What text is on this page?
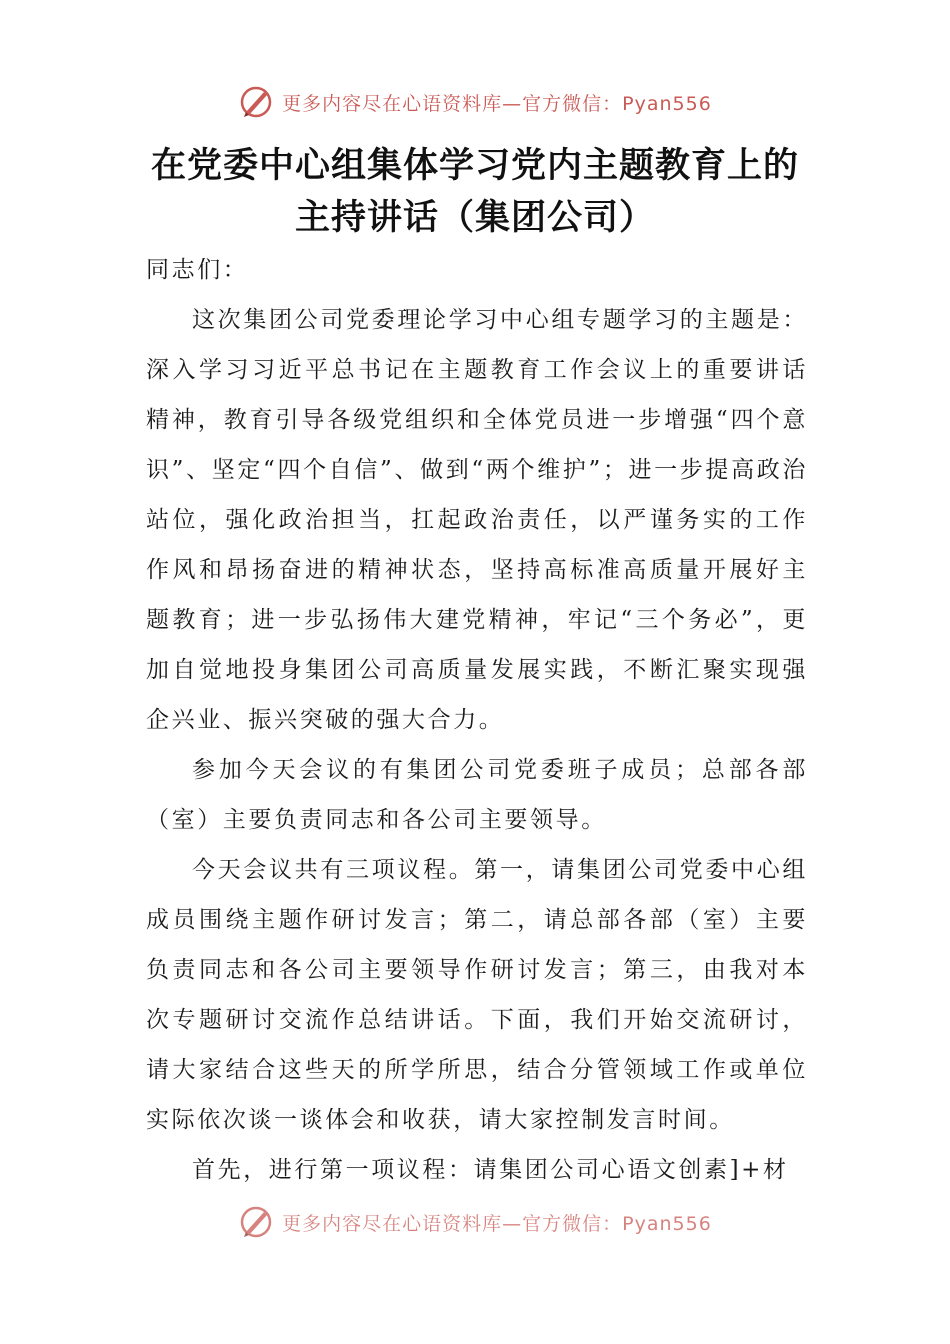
更多内容尽在心语资料库—官方微信：Pyan556
在党委中心组集体学习党内主题教育上的
主持讲话（集团公司）

同志们：

这次集团公司党委理论学习中心组专题学习的主题是：深入学习习近平总书记在主题教育工作会议上的重要讲话精神，教育引导各级党组织和全体党员进一步增强“四个意识”、坚定“四个自信”、做到“两个维护”；进一步提高政治站位，强化政治担当，扛起政治责任，以严谨务实的工作作风和昂扬奋进的精神状态，坚持高标准高质量开展好主题教育；进一步弘扬伟大建党精神，牢记“三个务必”，更加自觉地投身集团公司高质量发展实践，不断汇聚实现强企兴业、振兴突破的强大合力。

参加今天会议的有集团公司党委班子成员；总部各部（室）主要负责同志和各公司主要领导。

今天会议共有三项议程。第一，请集团公司党委中心组成员围绕主题作研讨发言；第二，请总部各部（室）主要负责同志和各公司主要领导作研讨发言；第三，由我对本次专题研讨交流作总结讲话。下面，我们开始交流研讨，请大家结合这些天的所学所思，结合分管领域工作或单位实际依次谈一谈体会和收获，请大家控制发言时间。

首先，进行第一项议程：请集团公司心语文创素]+材

更多内容尽在心语资料库—官方微信：Pyan556
